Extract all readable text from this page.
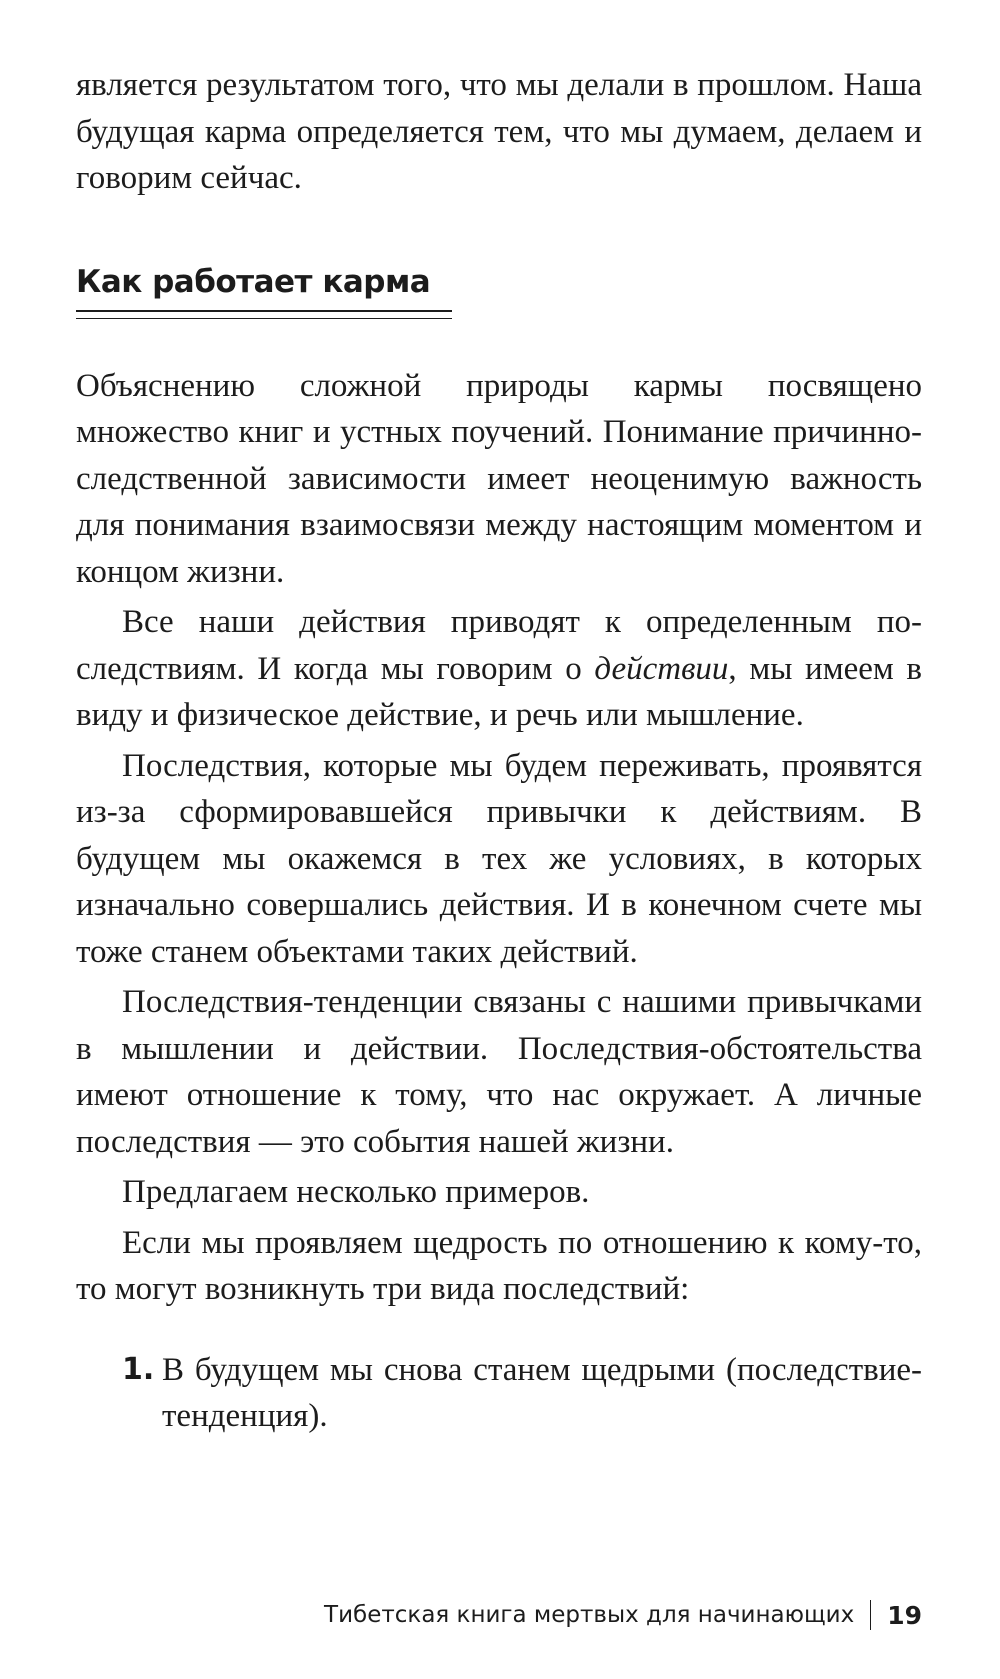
является результатом того, что мы делали в прошлом. Наша будущая карма определяется тем, что мы думаем, делаем и говорим сейчас.

Как работает карма

Объяснению сложной природы кармы посвящено множество книг и устных поучений. Понимание причинно-следственной зависимости имеет неоценимую важность для понимания взаимосвязи между настоящим моментом и концом жизни.

Все наши действия приводят к определенным последствиям. И когда мы говорим о действии, мы имеем в виду и физическое действие, и речь или мышление.

Последствия, которые мы будем переживать, проявятся из-за сформировавшейся привычки к действиям. В будущем мы окажемся в тех же условиях, в которых изначально совершались действия. И в конечном счете мы тоже станем объектами таких действий.

Последствия-тенденции связаны с нашими привычками в мышлении и действии. Последствия-обстоятельства имеют отношение к тому, что нас окружает. А личные последствия — это события нашей жизни.

Предлагаем несколько примеров.

Если мы проявляем щедрость по отношению к кому-то, то могут возникнуть три вида последствий:

1. В будущем мы снова станем щедрыми (последствие-тенденция).
Тибетская книга мертвых для начинающих 19
